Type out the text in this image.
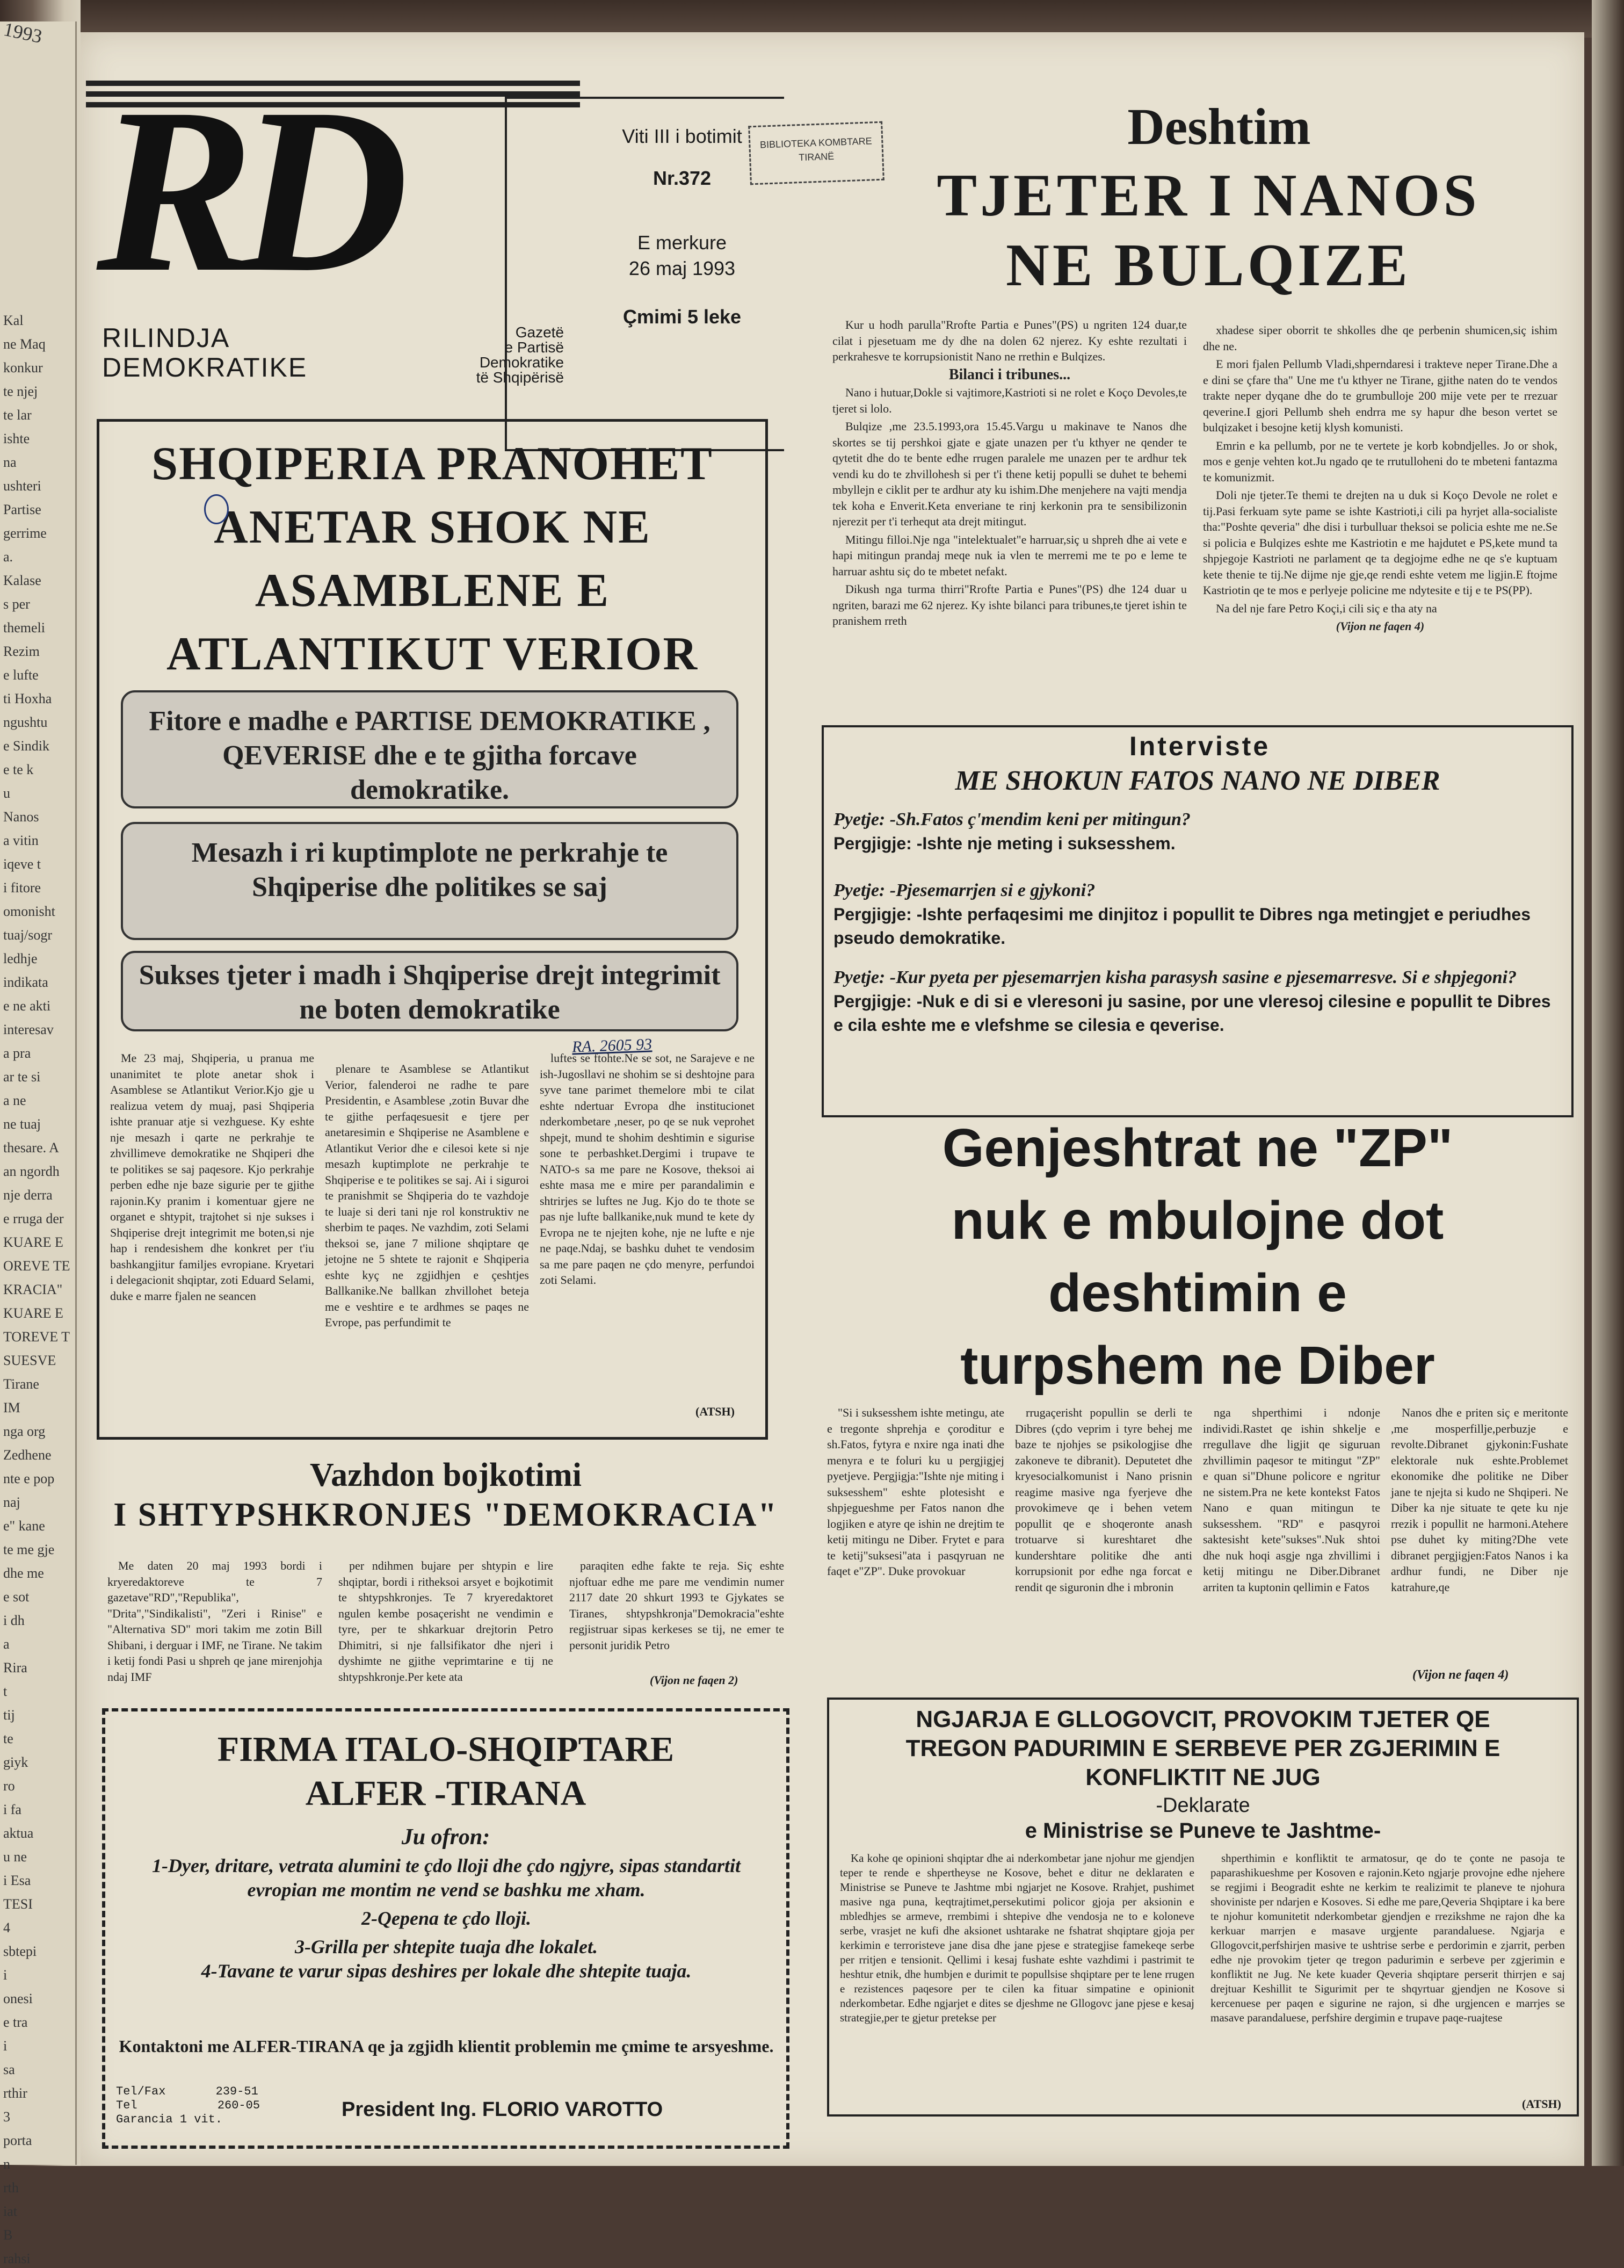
1993
Kal
ne Maq
konkur
te njej
te lar
ishte
na
ushteri
Partise
gerrime
a.
Kalase
s per
themeli
Rezim
e lufte
ti Hoxha
ngushtu
e Sindik
e te k
u
Nanos
a vitin
iqeve t
i fitore
omonisht
tuaj/sogr
ledhje
indikata
e ne akti
interesav
a pra
ar te si
a ne
ne tuaj
thesare. A
an ngordh
nje derra
e rruga der
KUARE E
OREVE TE
KRACIA"
KUARE E
TOREVE T
SUESVE
Tirane
IM
nga org
Zedhene
nte e pop
naj
e" kane
te me gje
dhe me
e sot
i dh
a
Rira
t
tij
te
giyk
ro
i fa
aktua
u ne
i Esa
TESI
4
sbtepi
i
onesi
e tra
i
sa
rthir
3
porta
n
rth
iat
B
rahsi
RD
RILINDJA
DEMOKRATIKE
Gazetë
e Partisë
Demokratike
të Shqipërisë
Viti III i botimit
Nr.372
E merkure
26 maj 1993
Çmimi 5 leke
BIBLIOTEKA KOMBTARE
TIRANË
Deshtim
TJETER I NANOS
NE BULQIZE

Kur u hodh parulla"Rrofte Partia e Punes"(PS) u ngriten 124 duar,te cilat i pjesetuam me dy dhe na dolen 62 njerez. Ky eshte rezultati i perkrahesve te korrupsionistit Nano ne rrethin e Bulqizes.

Bilanci i tribunes...

Nano i hutuar,Dokle si vajtimore,Kastrioti si ne rolet e Koço Devoles,te tjeret si lolo.

Bulqize ,me 23.5.1993,ora 15.45.Vargu u makinave te Nanos dhe skortes se tij pershkoi gjate e gjate unazen per t'u kthyer ne qender te qytetit dhe do te bente edhe rrugen paralele me unazen per te ardhur tek vendi ku do te zhvillohesh si per t'i thene ketij populli se duhet te behemi mbyllejn e ciklit per te ardhur aty ku ishim.Dhe menjehere na vajti mendja tek koha e Enverit.Keta enveriane te rinj kerkonin pra te sensibilizonin njerezit per t'i terhequt ata drejt mitingut.

Mitingu filloi.Nje nga "intelektualet"e harruar,siç u shpreh dhe ai vete e hapi mitingun prandaj meqe nuk ia vlen te merremi me te po e leme te harruar ashtu siç do te mbetet nefakt.

Dikush nga turma thirri"Rrofte Partia e Punes"(PS) dhe 124 duar u ngriten, barazi me 62 njerez. Ky ishte bilanci para tribunes,te tjeret ishin te pranishem rreth

xhadese siper oborrit te shkolles dhe qe perbenin shumicen,siç ishim dhe ne.

E mori fjalen Pellumb Vladi,shperndaresi i trakteve neper Tirane.Dhe a e dini se çfare tha" Une me t'u kthyer ne Tirane, gjithe naten do te vendos trakte neper dyqane dhe do te grumbulloje 200 mije vete per te rrezuar qeverine.I gjori Pellumb sheh endrra me sy hapur dhe beson vertet se bulqizaket i besojne ketij klysh komunisti.

Emrin e ka pellumb, por ne te vertete je korb kobndjelles. Jo or shok, mos e genje vehten kot.Ju ngado qe te rrutulloheni do te mbeteni fantazma te komunizmit.

Doli nje tjeter.Te themi te drejten na u duk si Koço Devole ne rolet e tij.Pasi ferkuam syte pame se ishte Kastrioti,i cili pa hyrjet alla-socialiste tha:"Poshte qeveria" dhe disi i turbulluar theksoi se policia eshte me ne.Se si policia e Bulqizes eshte me Kastriotin e me hajdutet e PS,kete mund ta shpjegoje Kastrioti ne parlament qe ta degjojme edhe ne qe s'e kuptuam kete thenie te tij.Ne dijme nje gje,qe rendi eshte vetem me ligjin.E ftojme Kastriotin qe te mos e perlyeje policine me ndytesite e tij e te PS(PP).

Na del nje fare Petro Koçi,i cili siç e tha aty na

(Vijon ne faqen 4)
Interviste
ME SHOKUN FATOS NANO NE DIBER
Pyetje: -Sh.Fatos ç'mendim keni per mitingun?
Pergjigje: -Ishte nje meting i suksesshem.
Pyetje: -Pjesemarrjen si e gjykoni?
Pergjigje: -Ishte perfaqesimi me dinjitoz i popullit te Dibres nga metingjet e periudhes pseudo demokratike.
Pyetje: -Kur pyeta per pjesemarrjen kisha parasysh sasine e pjesemarresve. Si e shpjegoni?
Pergjigje: -Nuk e di si e vleresoni ju sasine, por une vleresoj cilesine e popullit te Dibres e cila eshte me e vlefshme se cilesia e qeverise.
Genjeshtrat ne "ZP"
nuk e mbulojne dot
deshtimin e
turpshem ne Diber
"Si i suksesshem ishte metingu, ate e tregonte shprehja e çoroditur e sh.Fatos, fytyra e nxire nga inati dhe menyra e te foluri ku u pergjigjej pyetjeve. Pergjigja:"Ishte nje miting i suksesshem" eshte plotesisht e shpjegueshme per Fatos nanon dhe logjiken e atyre qe ishin ne drejtim te ketij mitingu ne Diber. Frytet e para te ketij"suksesi"ata i pasqyruan ne faqet e"ZP". Duke provokuar
rrugaçerisht popullin se derli te Dibres (çdo veprim i tyre behej me baze te njohjes se psikologjise dhe zakoneve te dibranit). Deputetet dhe kryesocialkomunist i Nano prisnin reagime masive nga fyerjeve dhe provokimeve qe i behen vetem popullit qe e shoqeronte anash trotuarve si kureshtaret dhe kundershtare politike dhe anti korrupsionit por edhe nga forcat e rendit qe siguronin dhe i mbronin
nga shperthimi i ndonje individi.Rastet qe ishin shkelje e rregullave dhe ligjit qe siguruan zhvillimin paqesor te mitingut "ZP" e quan si"Dhune policore e ngritur ne sistem.Pra ne kete kontekst Fatos Nano e quan mitingun te suksesshem. "RD" e pasqyroi saktesisht kete"sukses".Nuk shtoi dhe nuk hoqi asgje nga zhvillimi i ketij mitingu ne Diber.Dibranet arriten ta kuptonin qellimin e Fatos
Nanos dhe e priten siç e meritonte ,me mosperfillje,perbuzje e revolte.Dibranet gjykonin:Fushate elektorale nuk eshte.Problemet ekonomike dhe politike ne Diber jane te njejta si kudo ne Shqiperi. Ne Diber ka nje situate te qete ku nje rrezik i popullit ne harmoni.Atehere pse duhet ky miting?Dhe vete dibranet pergjigjen:Fatos Nanos i ka ardhur fundi, ne Diber nje katrahure,qe
(Vijon ne faqen 4)
SHQIPERIA PRANOHET
ANETAR SHOK NE
ASAMBLENE E
ATLANTIKUT VERIOR
Fitore e madhe e PARTISE DEMOKRATIKE , QEVERISE dhe e te gjitha forcave demokratike.
Mesazh i ri kuptimplote ne perkrahje te Shqiperise dhe politikes se saj
Sukses tjeter i madh i Shqiperise drejt integrimit ne boten demokratike
Me 23 maj, Shqiperia, u pranua me unanimitet te plote anetar shok i Asamblese se Atlantikut Verior.Kjo gje u realizua vetem dy muaj, pasi Shqiperia ishte pranuar atje si vezhguese. Ky eshte nje mesazh i qarte ne perkrahje te zhvillimeve demokratike ne Shqiperi dhe te politikes se saj paqesore. Kjo perkrahje perben edhe nje baze sigurie per te gjithe rajonin.Ky pranim i komentuar gjere ne organet e shtypit, trajtohet si nje sukses i Shqiperise drejt integrimit me boten,si nje hap i rendesishem dhe konkret per t'iu bashkangjitur familjes evropiane. Kryetari i delegacionit shqiptar, zoti Eduard Selami, duke e marre fjalen ne seancen
plenare te Asamblese se Atlantikut Verior, falenderoi ne radhe te pare Presidentin, e Asamblese ,zotin Buvar dhe te gjithe perfaqesuesit e tjere per anetaresimin e Shqiperise ne Asamblene e Atlantikut Verior dhe e cilesoi kete si nje mesazh kuptimplote ne perkrahje te Shqiperise e te politikes se saj. Ai i siguroi te pranishmit se Shqiperia do te vazhdoje te luaje si deri tani nje rol konstruktiv ne sherbim te paqes. Ne vazhdim, zoti Selami theksoi se, jane 7 milione shqiptare qe jetojne ne 5 shtete te rajonit e Shqiperia eshte kyç ne zgjidhjen e çeshtjes Ballkanike.Ne ballkan zhvillohet beteja me e veshtire e te ardhmes se paqes ne Evrope, pas perfundimit te
luftes se ftohte.Ne se sot, ne Sarajeve e ne ish-Jugosllavi ne shohim se si deshtojne para syve tane parimet themelore mbi te cilat eshte ndertuar Evropa dhe institucionet nderkombetare ,neser, po qe se nuk veprohet shpejt, mund te shohim deshtimin e sigurise sone te perbashket.Dergimi i trupave te NATO-s sa me pare ne Kosove, theksoi ai eshte masa me e mire per parandalimin e shtrirjes se luftes ne Jug. Kjo do te thote se pas nje lufte ballkanike,nuk mund te kete dy Evropa ne te njejten kohe, nje ne lufte e nje ne paqe.Ndaj, se bashku duhet te vendosim sa me pare paqen ne çdo menyre, perfundoi zoti Selami.
(ATSH)
RA. 2605 93
Vazhdon bojkotimi
I SHTYPSHKRONJES "DEMOKRACIA"
Me daten 20 maj 1993 bordi i kryeredaktoreve te 7 gazetave"RD","Republika", "Drita","Sindikalisti", "Zeri i Rinise" e "Alternativa SD" mori takim me zotin Bill Shibani, i derguar i IMF, ne Tirane. Ne takim i ketij fondi Pasi u shpreh qe jane mirenjohja ndaj IMF
per ndihmen bujare per shtypin e lire shqiptar, bordi i ritheksoi arsyet e bojkotimit te shtypshkronjes. Te 7 kryeredaktoret ngulen kembe posaçerisht ne vendimin e tyre, per te shkarkuar drejtorin Petro Dhimitri, si nje fallsifikator dhe njeri i dyshimte ne gjithe veprimtarine e tij ne shtypshkronje.Per kete ata
paraqiten edhe fakte te reja. Siç eshte njoftuar edhe me pare me vendimin numer 2117 date 20 shkurt 1993 te Gjykates se Tiranes, shtypshkronja"Demokracia"eshte regjistruar sipas kerkeses se tij, ne emer te personit juridik Petro
(Vijon ne faqen 2)
FIRMA ITALO-SHQIPTARE
ALFER -TIRANA
Ju ofron:
1-Dyer, dritare, vetrata alumini te çdo lloji dhe çdo ngjyre, sipas standartit evropian me montim ne vend se bashku me xham.
2-Qepena te çdo lloji.
3-Grilla per shtepite tuaja dhe lokalet.
4-Tavane te varur sipas deshires per lokale dhe shtepite tuaja.
Kontaktoni me ALFER-TIRANA qe ja zgjidh klientit problemin me çmime te arsyeshme.
Tel/Fax	239-51
Tel	260-05
Garancia 1 vit.	President Ing. FLORIO VAROTTO
NGJARJA E GLLOGOVCIT, PROVOKIM TJETER QE
TREGON PADURIMIN E SERBEVE PER ZGJERIMIN E
KONFLIKTIT NE JUG
-Deklarate
e Ministrise se Puneve te Jashtme-
Ka kohe qe opinioni shqiptar dhe ai nderkombetar jane njohur me gjendjen teper te rende e shpertheyse ne Kosove, behet e ditur ne deklaraten e Ministrise se Puneve te Jashtme mbi ngjarjet ne Kosove. Rrahjet, pushimet masive nga puna, keqtrajtimet,persekutimi policor gjoja per aksionin e mbledhjes se armeve, rrembimi i shtepive dhe vendosja ne to e koloneve serbe, vrasjet ne kufi dhe aksionet ushtarake ne fshatrat shqiptare gjoja per kerkimin e terroristeve jane disa dhe jane pjese e strategjise famekeqe serbe per rritjen e tensionit. Qellimi i kesaj fushate eshte vazhdimi i pastrimit te heshtur etnik, dhe humbjen e durimit te popullsise shqiptare per te lene rrugen e rezistences paqesore per te cilen ka fituar simpatine e opinionit nderkombetar. Edhe ngjarjet e dites se djeshme ne Gllogovc jane pjese e kesaj strategjie,per te gjetur pretekse per
shperthimin e konfliktit te armatosur, qe do te çonte ne pasoja te paparashikueshme per Kosoven e rajonin.Keto ngjarje provojne edhe njehere se regjimi i Beogradit eshte ne kerkim te realizimit te planeve te njohura shoviniste per ndarjen e Kosoves. Si edhe me pare,Qeveria Shqiptare i ka bere te njohur komunitetit nderkombetar gjendjen e rrezikshme ne rajon dhe ka kerkuar marrjen e masave urgjente parandaluese. Ngjarja e Gllogovcit,perfshirjen masive te ushtrise serbe e perdorimin e zjarrit, perben edhe nje provokim tjeter qe tregon padurimin e serbeve per zgjerimin e konfliktit ne Jug. Ne kete kuader Qeveria shqiptare perserit thirrjen e saj drejtuar Keshillit te Sigurimit per te shqyrtuar gjendjen ne Kosove si kercenuese per paqen e sigurine ne rajon, si dhe urgjencen e marrjes se masave parandaluese, perfshire dergimin e trupave paqe-ruajtese
(ATSH)
